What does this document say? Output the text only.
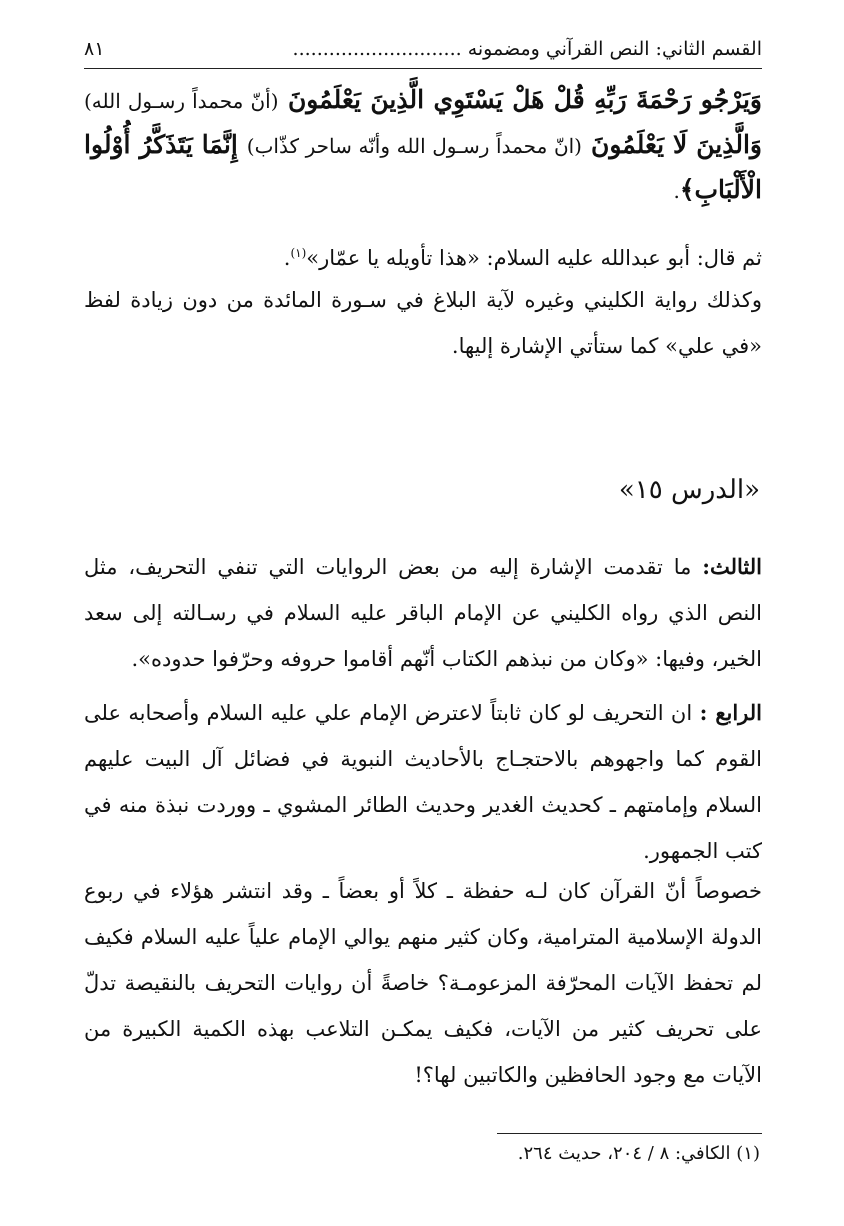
القسم الثاني: النص القرآني ومضمونه ............................
٨١
وَيَرْجُو رَحْمَةَ رَبِّهِ قُلْ هَلْ يَسْتَوِي الَّذِينَ يَعْلَمُونَ (أنّ محمداً رسـول الله) وَالَّذِينَ لَا يَعْلَمُونَ (انّ محمداً رسـول الله وأنّه ساحر كذّاب) إِنَّمَا يَتَذَكَّرُ أُوْلُوا الْأَلْبَابِ﴾.

ثم قال: أبو عبدالله عليه السلام: «هذا تأويله يا عمّار»$^{(١)}$.

وكذلك رواية الكليني وغيره لآية البلاغ في سـورة المائدة من دون زيادة لفظ «في علي» كما ستأتي الإشارة إليها.

«الدرس ١٥»

الثالث: ما تقدمت الإشارة إليه من بعض الروايات التي تنفي التحريف، مثل النص الذي رواه الكليني عن الإمام الباقر عليه السلام في رسـالته إلى سعد الخير، وفيها: «وكان من نبذهم الكتاب أنّهم أقاموا حروفه وحرّفوا حدوده».

الرابع : ان التحريف لو كان ثابتاً لاعترض الإمام علي عليه السلام وأصحابه على القوم كما واجهوهم بالاحتجـاج بالأحاديث النبوية في فضائل آل البيت عليهم السلام وإمامتهم ـ كحديث الغدير وحديث الطائر المشوي ـ ووردت نبذة منه في كتب الجمهور.

خصوصاً أنّ القرآن كان لـه حفظة ـ كلاً أو بعضاً ـ وقد انتشر هؤلاء في ربوع الدولة الإسلامية المترامية، وكان كثير منهم يوالي الإمام علياً عليه السلام فكيف لم تحفظ الآيات المحرّفة المزعومـة؟ خاصةً أن روايات التحريف بالنقيصة تدلّ على تحريف كثير من الآيات، فكيف يمكـن التلاعب بهذه الكمية الكبيرة من الآيات مع وجود الحافظين والكاتبين لها؟!

(١) الكافي: ٨ / ٢٠٤، حديث ٢٦٤.
